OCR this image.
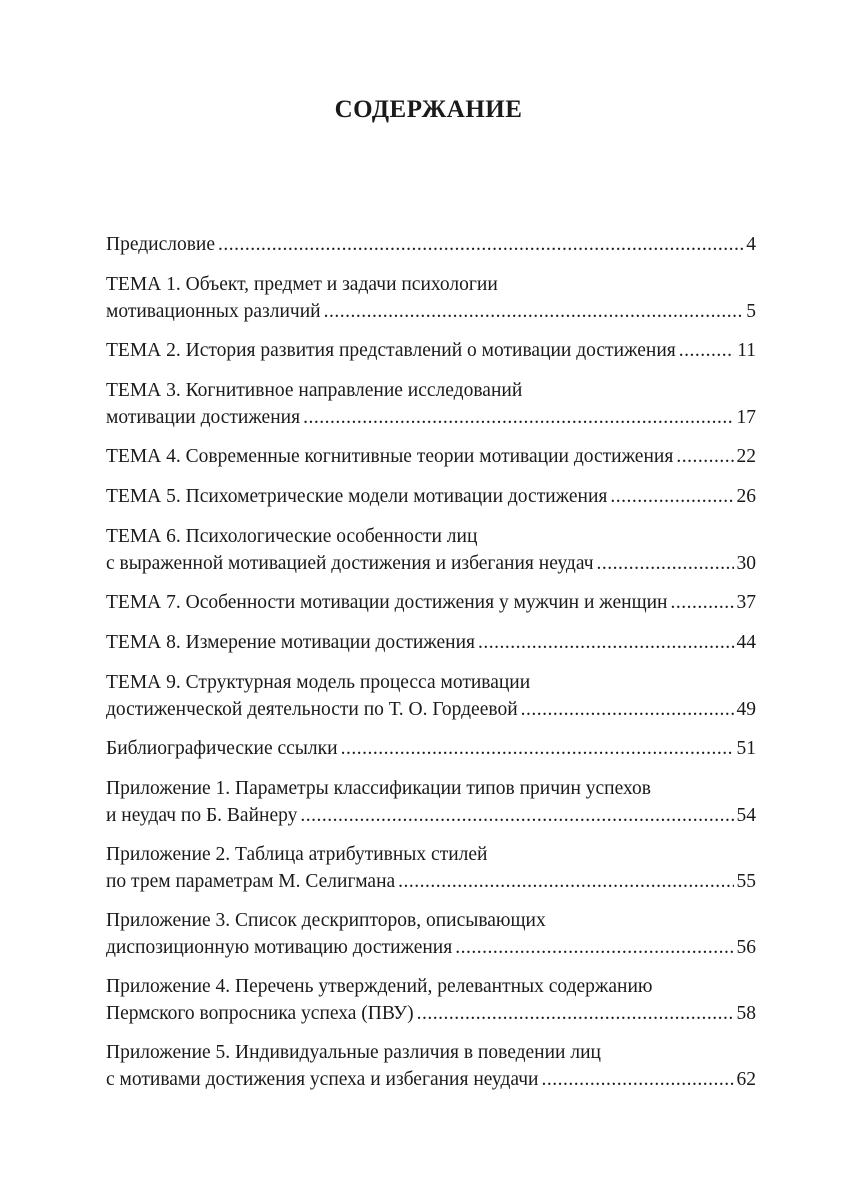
СОДЕРЖАНИЕ
Предисловие .....	4
ТЕМА 1. Объект, предмет и задачи психологии
мотивационных различий .....	5
ТЕМА 2. История развития представлений о мотивации достижения .....	11
ТЕМА 3. Когнитивное направление исследований
мотивации достижения .....	17
ТЕМА 4. Современные когнитивные теории мотивации достижения .....	22
ТЕМА 5. Психометрические модели мотивации достижения .....	26
ТЕМА 6. Психологические особенности лиц
с выраженной мотивацией достижения и избегания неудач .....	30
ТЕМА 7. Особенности мотивации достижения у мужчин и женщин .....	37
ТЕМА 8. Измерение мотивации достижения .....	44
ТЕМА 9. Структурная модель процесса мотивации
достиженческой деятельности по Т. О. Гордеевой .....	49
Библиографические ссылки .....	51
Приложение 1. Параметры классификации типов причин успехов
и неудач по Б. Вайнеру .....	54
Приложение 2. Таблица атрибутивных стилей
по трем параметрам М. Селигмана .....	55
Приложение 3. Список дескрипторов, описывающих
диспозиционную мотивацию достижения .....	56
Приложение 4. Перечень утверждений, релевантных содержанию
Пермского вопросника успеха (ПВУ) .....	58
Приложение 5. Индивидуальные различия в поведении лиц
с мотивами достижения успеха и избегания неудачи .....	62
